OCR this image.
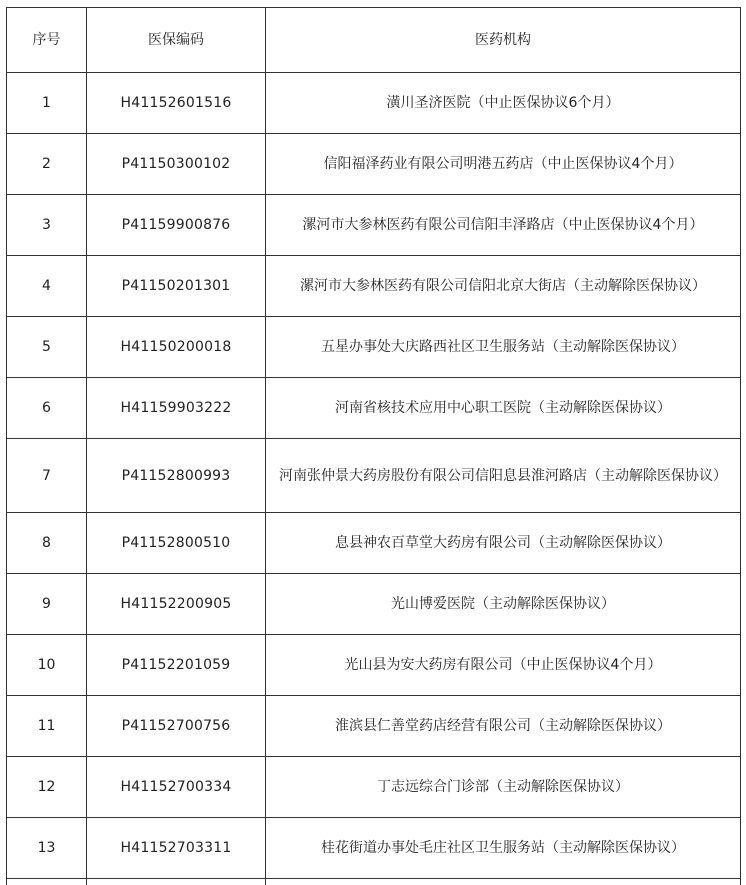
序号	医保编码	医药机构
1	H41152601516	潢川圣济医院（中止医保协议6个月）
2	P41150300102	信阳福泽药业有限公司明港五药店（中止医保协议4个月）
3	P41159900876	漯河市大参林医药有限公司信阳丰泽路店（中止医保协议4个月）
4	P41150201301	漯河市大参林医药有限公司信阳北京大街店（主动解除医保协议）
5	H41150200018	五星办事处大庆路西社区卫生服务站（主动解除医保协议）
6	H41159903222	河南省核技术应用中心职工医院（主动解除医保协议）
7	P41152800993	河南张仲景大药房股份有限公司信阳息县淮河路店（主动解除医保协议）
8	P41152800510	息县神农百草堂大药房有限公司（主动解除医保协议）
9	H41152200905	光山博爱医院（主动解除医保协议）
10	P41152201059	光山县为安大药房有限公司（中止医保协议4个月）
11	P41152700756	淮滨县仁善堂药店经营有限公司（主动解除医保协议）
12	H41152700334	丁志远综合门诊部（主动解除医保协议）
13	H41152703311	桂花街道办事处毛庄社区卫生服务站（主动解除医保协议）
